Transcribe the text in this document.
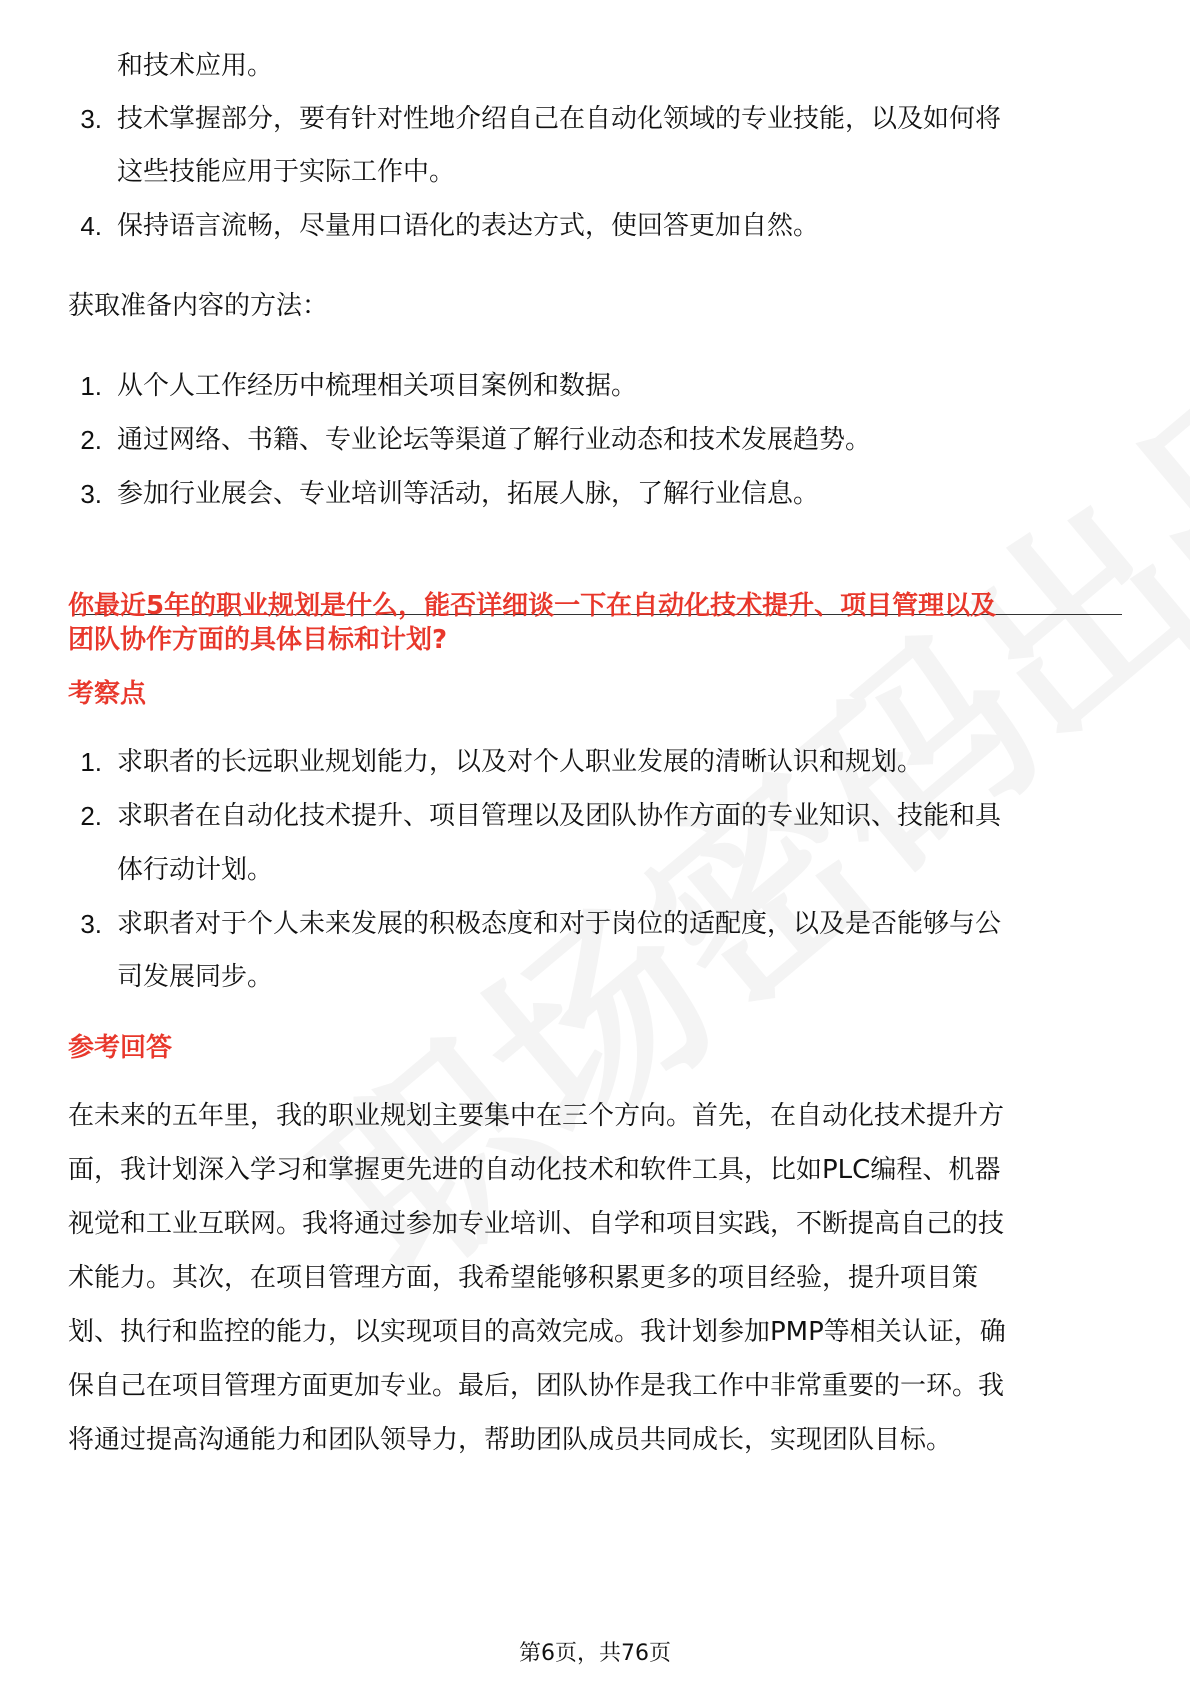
和技术应用。
3. 技术掌握部分，要有针对性地介绍自己在自动化领域的专业技能，以及如何将
这些技能应用于实际工作中。
4. 保持语言流畅，尽量用口语化的表达方式，使回答更加自然。
获取准备内容的方法：
1. 从个人工作经历中梳理相关项目案例和数据。
2. 通过网络、书籍、专业论坛等渠道了解行业动态和技术发展趋势。
3. 参加行业展会、专业培训等活动，拓展人脉，了解行业信息。
你最近5年的职业规划是什么，能否详细谈一下在自动化技术提升、项目管理以及
团队协作方面的具体目标和计划?
考察点
1. 求职者的长远职业规划能力，以及对个人职业发展的清晰认识和规划。
2. 求职者在自动化技术提升、项目管理以及团队协作方面的专业知识、技能和具
体行动计划。
3. 求职者对于个人未来发展的积极态度和对于岗位的适配度，以及是否能够与公
司发展同步。
参考回答
在未来的五年里，我的职业规划主要集中在三个方向。首先，在自动化技术提升方
面，我计划深入学习和掌握更先进的自动化技术和软件工具，比如PLC编程、机器
视觉和工业互联网。我将通过参加专业培训、自学和项目实践，不断提高自己的技
术能力。其次，在项目管理方面，我希望能够积累更多的项目经验，提升项目策
划、执行和监控的能力，以实现项目的高效完成。我计划参加PMP等相关认证，确
保自己在项目管理方面更加专业。最后，团队协作是我工作中非常重要的一环。我
将通过提高沟通能力和团队领导力，帮助团队成员共同成长，实现团队目标。
第6页，共76页
